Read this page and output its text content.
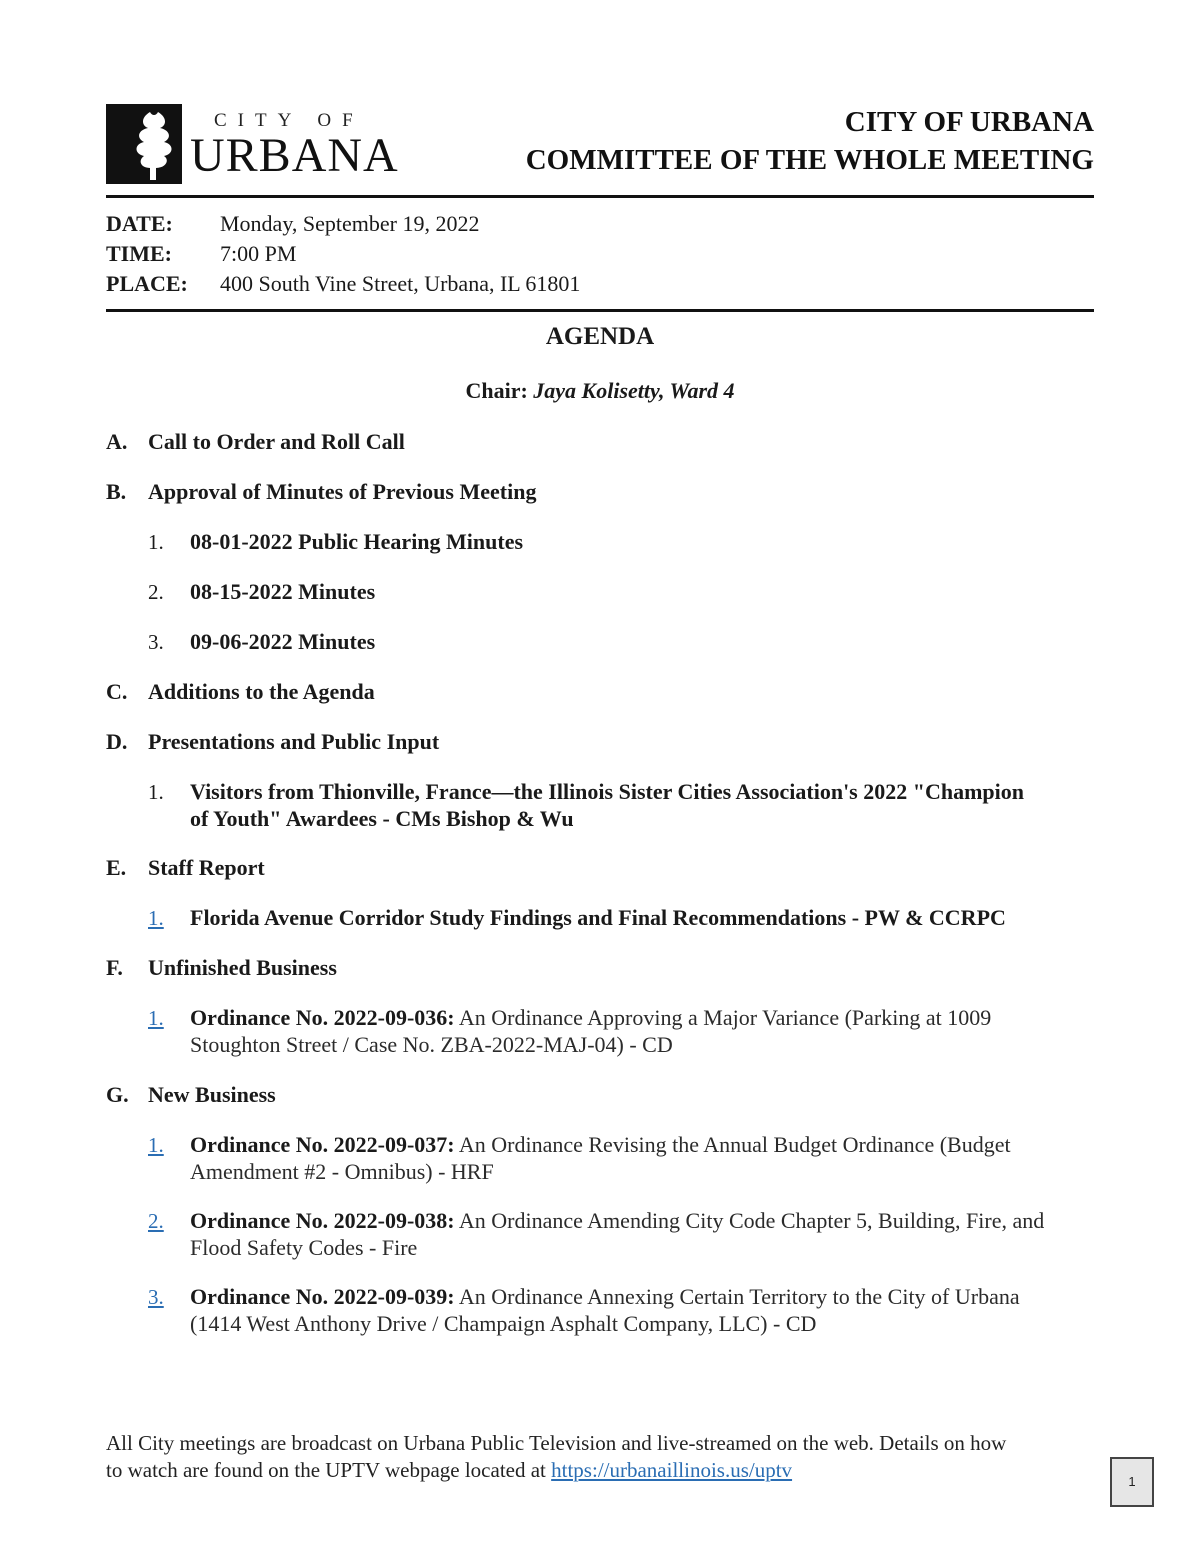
CITY OF
URBANA
CITY OF URBANA
COMMITTEE OF THE WHOLE MEETING
DATE: Monday, September 19, 2022
TIME: 7:00 PM
PLACE: 400 South Vine Street, Urbana, IL 61801
AGENDA
Chair: Jaya Kolisetty, Ward 4
A. Call to Order and Roll Call
B. Approval of Minutes of Previous Meeting
1. 08-01-2022 Public Hearing Minutes
2. 08-15-2022 Minutes
3. 09-06-2022 Minutes
C. Additions to the Agenda
D. Presentations and Public Input
1. Visitors from Thionville, France—the Illinois Sister Cities Association's 2022 "Champion
of Youth" Awardees - CMs Bishop & Wu
E. Staff Report
1. Florida Avenue Corridor Study Findings and Final Recommendations - PW & CCRPC
F. Unfinished Business
1. Ordinance No. 2022-09-036: An Ordinance Approving a Major Variance (Parking at 1009
Stoughton Street / Case No. ZBA-2022-MAJ-04) - CD
G. New Business
1. Ordinance No. 2022-09-037: An Ordinance Revising the Annual Budget Ordinance (Budget
Amendment #2 - Omnibus) - HRF
2. Ordinance No. 2022-09-038: An Ordinance Amending City Code Chapter 5, Building, Fire, and
Flood Safety Codes - Fire
3. Ordinance No. 2022-09-039: An Ordinance Annexing Certain Territory to the City of Urbana
(1414 West Anthony Drive / Champaign Asphalt Company, LLC) - CD
All City meetings are broadcast on Urbana Public Television and live-streamed on the web. Details on how
to watch are found on the UPTV webpage located at https://urbanaillinois.us/uptv	1
